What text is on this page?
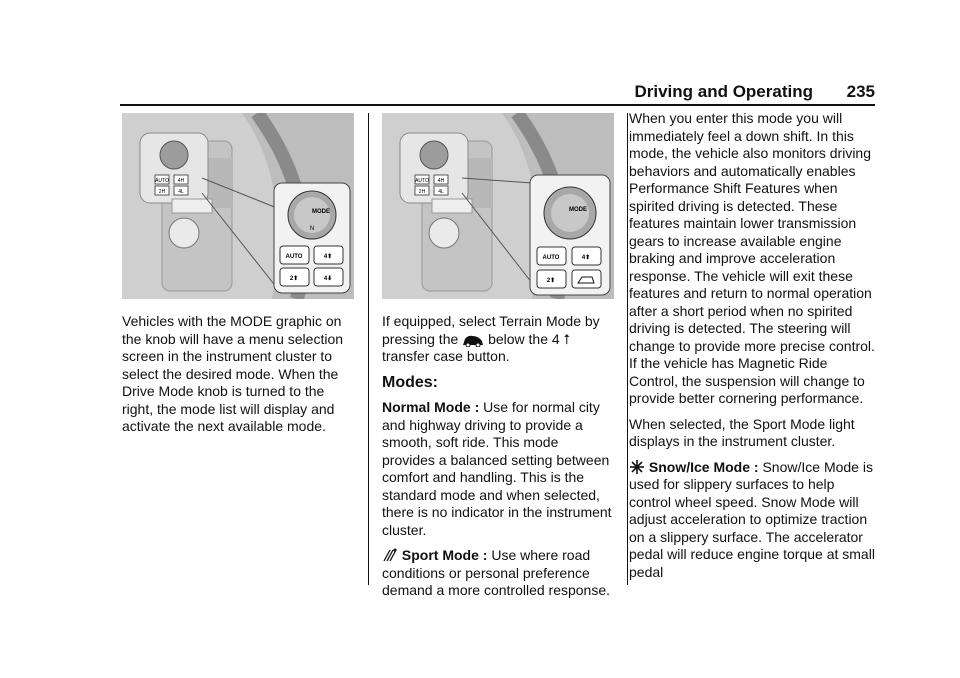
Driving and Operating 235
AUTO 4H
2H	4L
MODE
N
AUTO	4⬆
2⬆	4⬇

Vehicles with the MODE graphic on the knob will have a menu selection screen in the instrument cluster to select the desired mode. When the Drive Mode knob is turned to the right, the mode list will display and activate the next available mode.

AUTO 4H
2H	4L
MODE
AUTO	4⬆
2⬆

If equipped, select Terrain Mode by pressing the below the 4 ⭡ transfer case button.

Modes:

Normal Mode : Use for normal city and highway driving to provide a smooth, soft ride. This mode provides a balanced setting between comfort and handling. This is the standard mode and when selected, there is no indicator in the instrument cluster.

Sport Mode : Use where road conditions or personal preference demand a more controlled response.

When you enter this mode you will immediately feel a down shift. In this mode, the vehicle also monitors driving behaviors and automatically enables Performance Shift Features when spirited driving is detected. These features maintain lower transmission gears to increase available engine braking and improve acceleration response. The vehicle will exit these features and return to normal operation after a short period when no spirited driving is detected. The steering will change to provide more precise control. If the vehicle has Magnetic Ride Control, the suspension will change to provide better cornering performance.

When selected, the Sport Mode light displays in the instrument cluster.

Snow/Ice Mode : Snow/Ice Mode is used for slippery surfaces to help control wheel speed. Snow Mode will adjust acceleration to optimize traction on a slippery surface. The accelerator pedal will reduce engine torque at small pedal
